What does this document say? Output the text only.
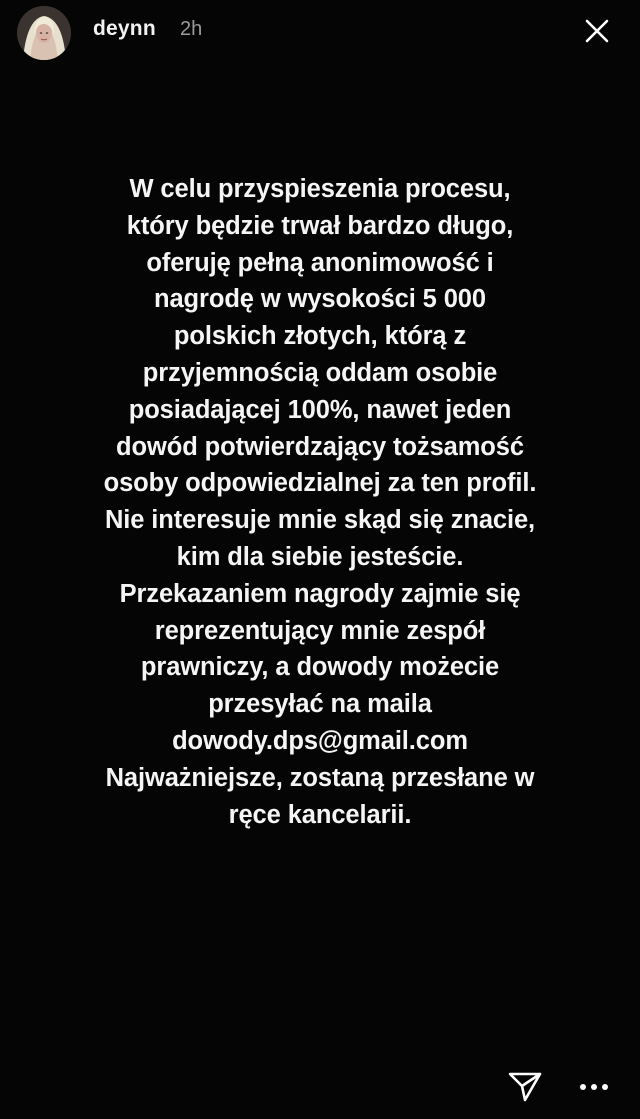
deynn 2h

W celu przyspieszenia procesu,
który będzie trwał bardzo długo,
oferuję pełną anonimowość i
nagrodę w wysokości 5 000
polskich złotych, którą z
przyjemnością oddam osobie
posiadającej 100%, nawet jeden
dowód potwierdzający tożsamość
osoby odpowiedzialnej za ten profil.
Nie interesuje mnie skąd się znacie,
kim dla siebie jesteście.
Przekazaniem nagrody zajmie się
reprezentujący mnie zespół
prawniczy, a dowody możecie
przesyłać na maila
dowody.dps@gmail.com
Najważniejsze, zostaną przesłane w
ręce kancelarii.
